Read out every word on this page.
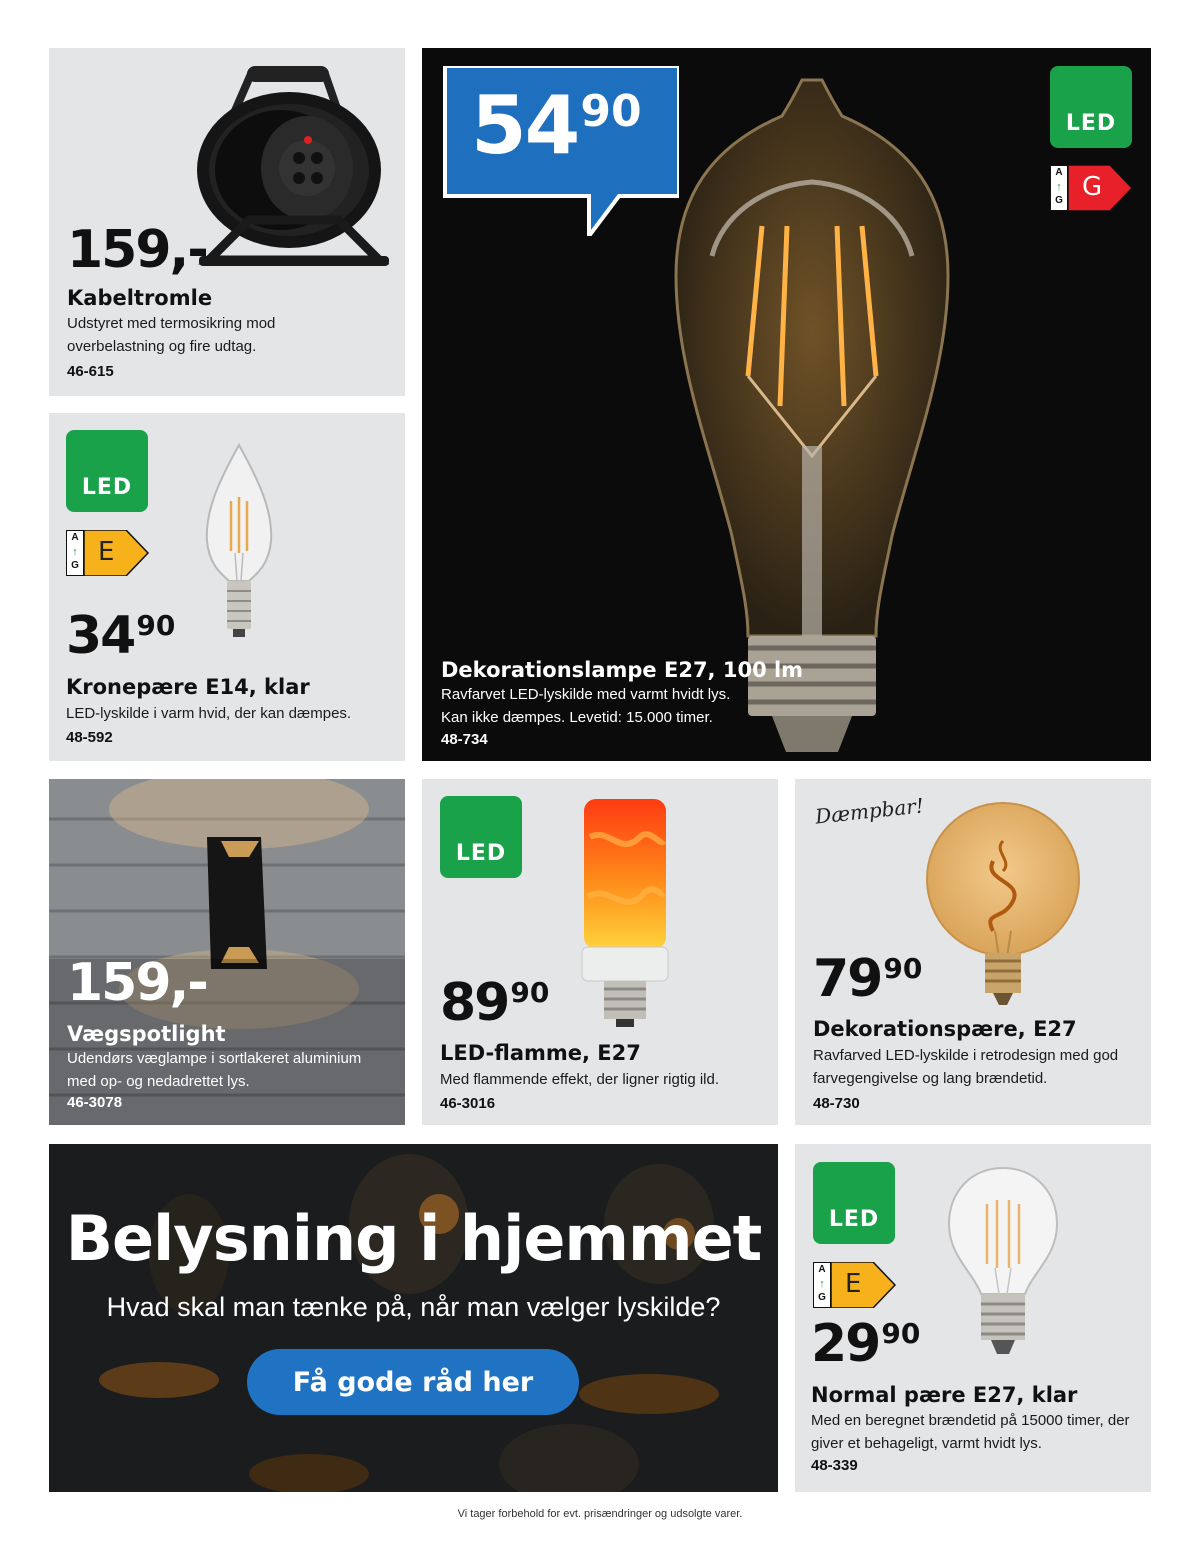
159,-
Kabeltromle
Udstyret med termosikring mod overbelastning og fire udtag.
46-615
LED
A
↑
G E
$34^{90}$
Kronepære E14, klar
LED-lyskilde i varm hvid, der kan dæmpes.
48-592
$54^{90}$	LED
A
↑
G G
Dekorationslampe E27, 100 lm
Ravfarvet LED-lyskilde med varmt hvidt lys. Kan ikke dæmpes. Levetid: 15.000 timer.
48-734
159,-
Vægspotlight
Udendørs væglampe i sortlakeret aluminium med op- og nedadrettet lys.
46-3078
LED
$89^{90}$
LED-flamme, E27
Med flammende effekt, der ligner rigtig ild.
46-3016
Dæmpbar!
$79^{90}$
Dekorationspære, E27
Ravfarved LED-lyskilde i retrodesign med god farvegengivelse og lang brændetid.
48-730
Belysning i hjemmet
Hvad skal man tænke på, når man vælger lyskilde?
Få gode råd her
LED
A
↑
G E
$29^{90}$
Normal pære E27, klar
Med en beregnet brændetid på 15000 timer, der giver et behageligt, varmt hvidt lys.
48-339
Vi tager forbehold for evt. prisændringer og udsolgte varer.
